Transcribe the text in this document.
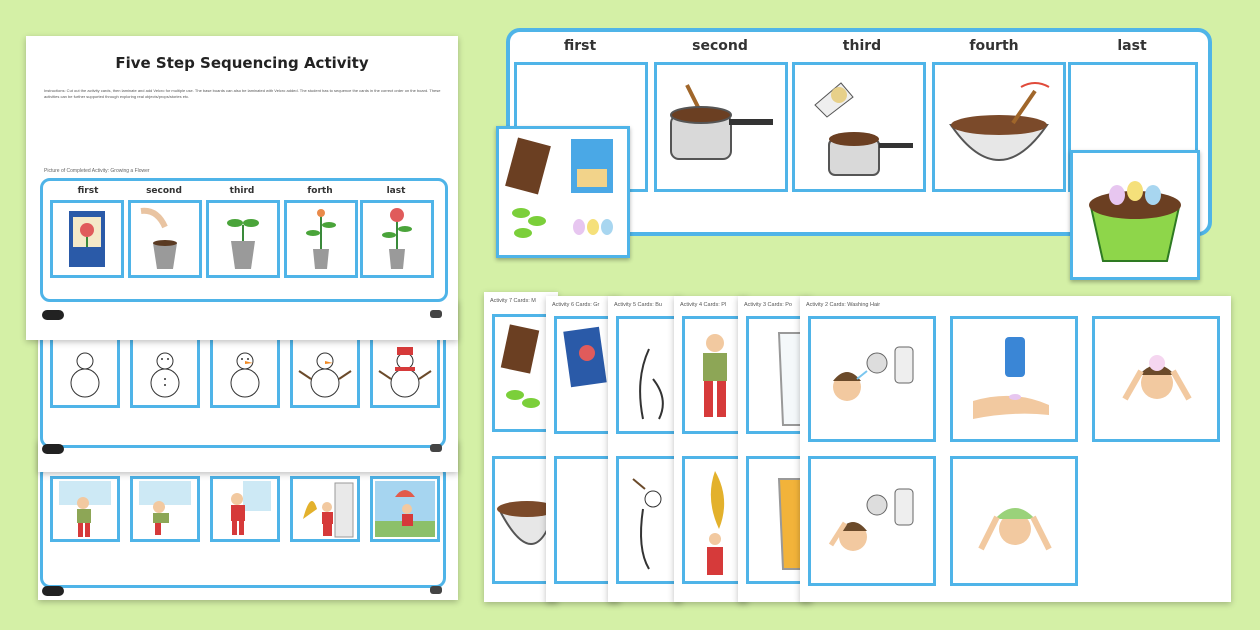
Five Step Sequencing Activity
Instructions: Cut out the activity cards, then laminate and add Velcro for multiple use. The base boards can also be laminated with Velcro added. The student has to sequence the cards in the correct order on the board. These activities can be further supported through exploring real objects/props/stories etc.
Picture of Completed Activity: Growing a Flower
first	second	third	forth	last
first	second	third	fourth	last
Activity 7 Cards: M
Activity 6 Cards: Gr	Activity 5 Cards: Bu	Activity 4 Cards: Pl	Activity 3 Cards: Po	Activity 2 Cards: Washing Hair
